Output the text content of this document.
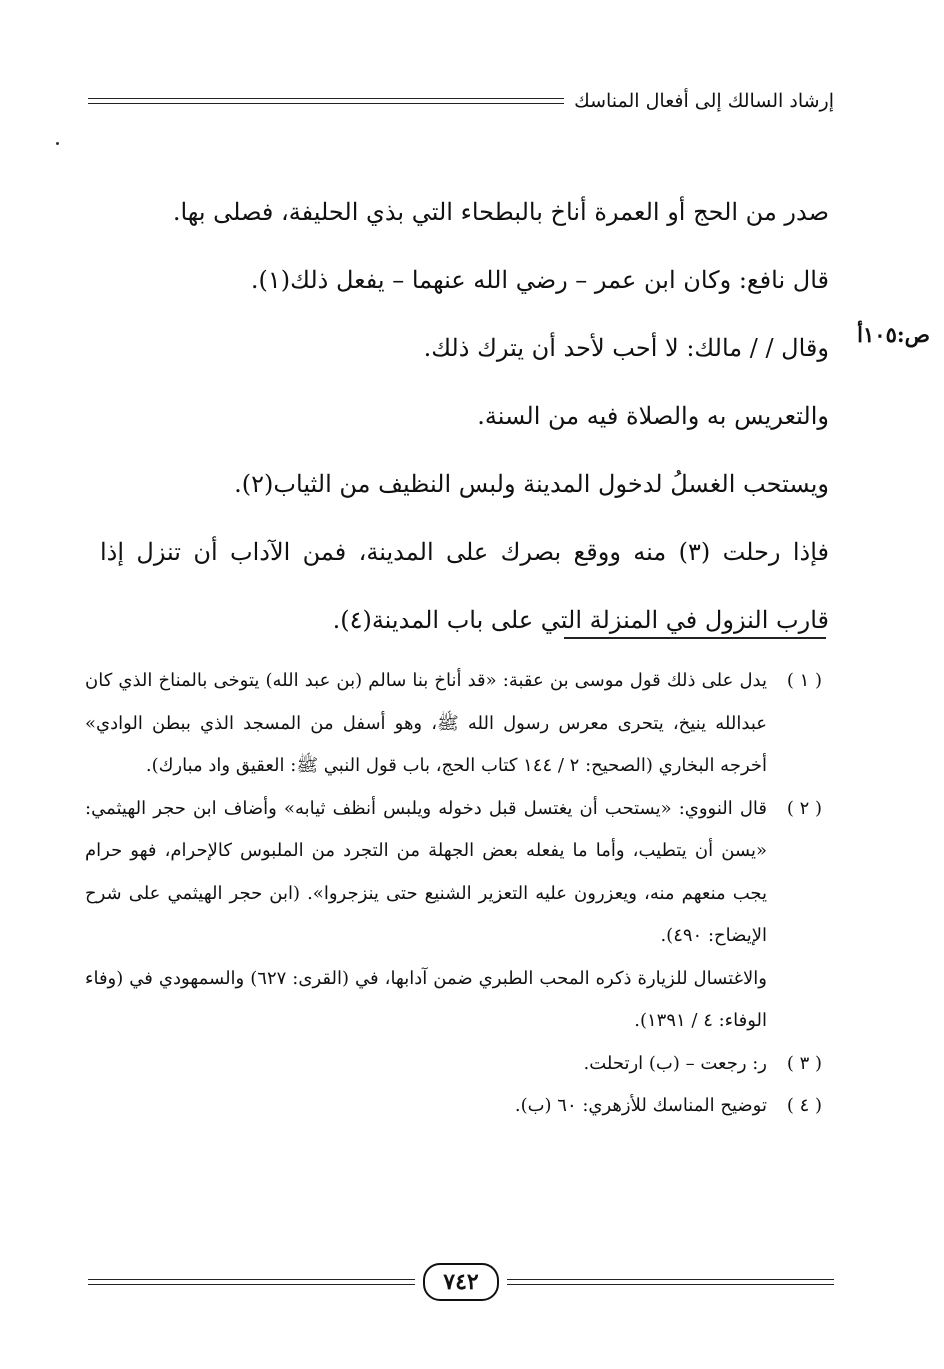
إرشاد السالك إلى أفعال المناسك
ص:١٠٥أ

صدر من الحج أو العمرة أناخ بالبطحاء التي بذي الحليفة، فصلى بها.

قال نافع: وكان ابن عمر – رضي الله عنهما – يفعل ذلك(١).

وقال / / مالك: لا أحب لأحد أن يترك ذلك.

والتعريس به والصلاة فيه من السنة.

ويستحب الغسلُ لدخول المدينة ولبس النظيف من الثياب(٢).

فإذا رحلت (٣) منه ووقع بصرك على المدينة، فمن الآداب أن تنزل إذا قارب النزول في المنزلة التي على باب المدينة(٤).

( ١ )
يدل على ذلك قول موسى بن عقبة: «قد أناخ بنا سالم (بن عبد الله) يتوخى بالمناخ الذي كان عبدالله ينيخ، يتحرى معرس رسول الله ﷺ، وهو أسفل من المسجد الذي ببطن الوادي» أخرجه البخاري (الصحيح: ٢ / ١٤٤ كتاب الحج، باب قول النبي ﷺ: العقيق واد مبارك).
( ٢ )
قال النووي: «يستحب أن يغتسل قبل دخوله ويلبس أنظف ثيابه» وأضاف ابن حجر الهيثمي: «يسن أن يتطيب، وأما ما يفعله بعض الجهلة من التجرد من الملبوس كالإحرام، فهو حرام يجب منعهم منه، ويعزرون عليه التعزير الشنيع حتى ينزجروا». (ابن حجر الهيثمي على شرح الإيضاح: ٤٩٠).
والاغتسال للزيارة ذكره المحب الطبري ضمن آدابها، في (القرى: ٦٢٧) والسمهودي في (وفاء الوفاء: ٤ / ١٣٩١).
( ٣ )
ر: رجعت – (ب) ارتحلت.
( ٤ )
توضيح المناسك للأزهري: ٦٠ (ب).
٧٤٢
